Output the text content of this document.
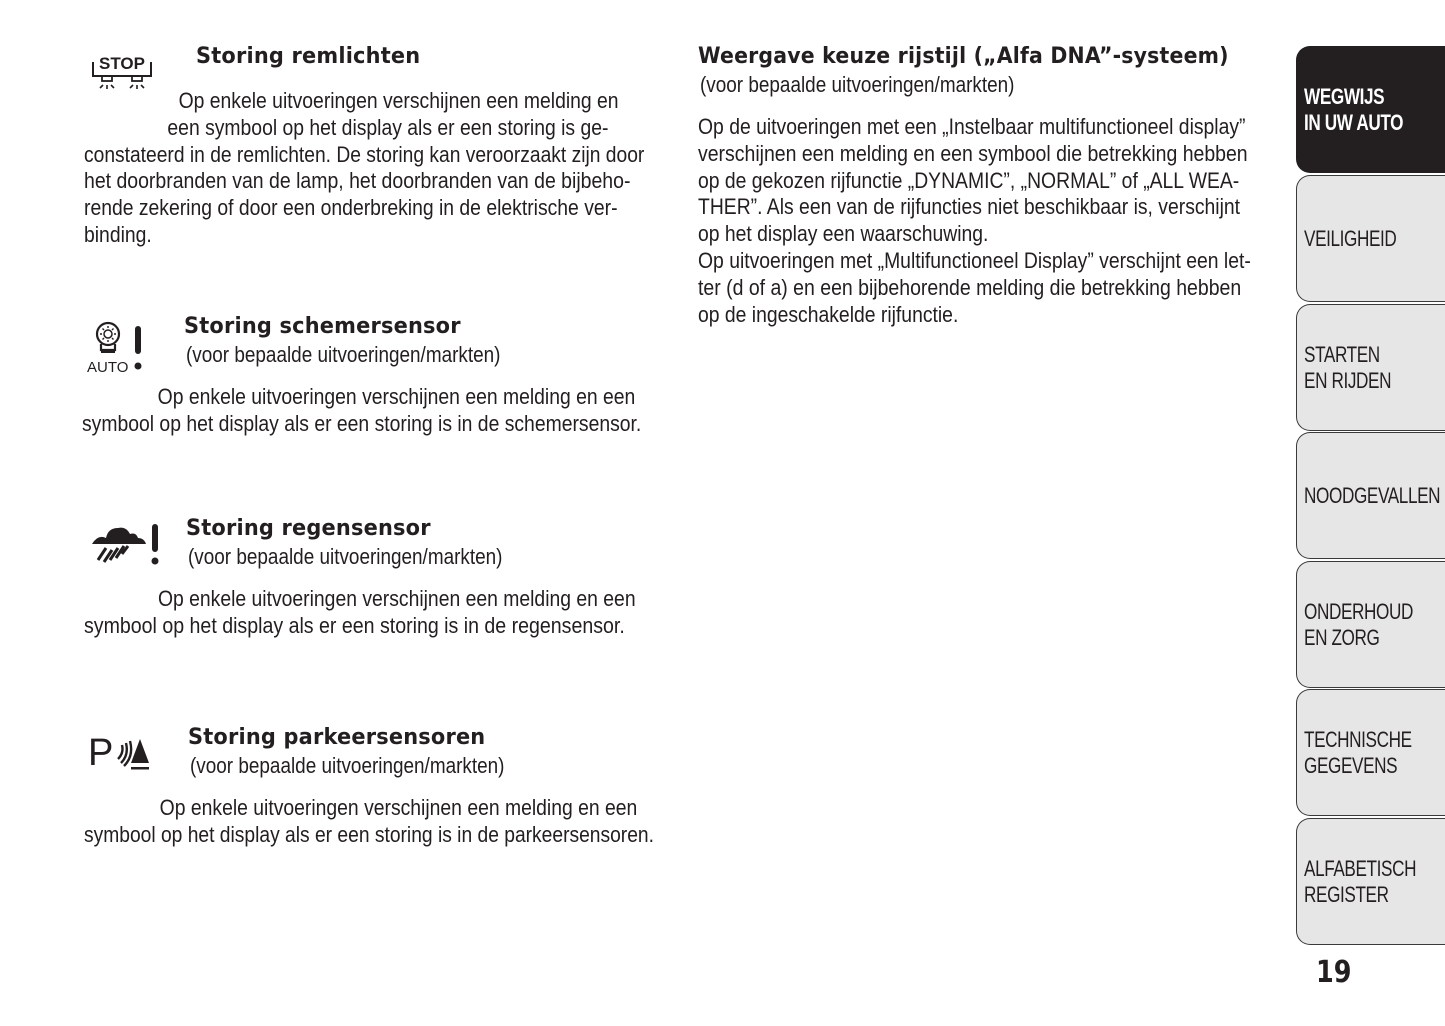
STOP Storing remlichten
Op enkele uitvoeringen verschijnen een melding en
een symbool op het display als er een storing is ge-
constateerd in de remlichten. De storing kan veroorzaakt zijn door
het doorbranden van de lamp, het doorbranden van de bijbeho-
rende zekering of door een onderbreking in de elektrische ver-
binding.
AUTO
Storing schemersensor
(voor bepaalde uitvoeringen/markten)
Op enkele uitvoeringen verschijnen een melding en een
symbool op het display als er een storing is in de schemersensor.
Storing regensensor
(voor bepaalde uitvoeringen/markten)
Op enkele uitvoeringen verschijnen een melding en een
symbool op het display als er een storing is in de regensensor.
P	Storing parkeersensoren
(voor bepaalde uitvoeringen/markten)
Op enkele uitvoeringen verschijnen een melding en een
symbool op het display als er een storing is in de parkeersensoren.
Weergave keuze rijstijl („Alfa DNA”-systeem)
(voor bepaalde uitvoeringen/markten)
Op de uitvoeringen met een „Instelbaar multifunctioneel display”
verschijnen een melding en een symbool die betrekking hebben
op de gekozen rijfunctie „DYNAMIC”, „NORMAL” of „ALL WEA-
THER”. Als een van de rijfuncties niet beschikbaar is, verschijnt
op het display een waarschuwing.
Op uitvoeringen met „Multifunctioneel Display” verschijnt een let-
ter (d of a) en een bijbehorende melding die betrekking hebben
op de ingeschakelde rijfunctie.
WEGWIJS
IN UW AUTO
VEILIGHEID
STARTEN
EN RIJDEN
NOODGEVALLEN
ONDERHOUD
EN ZORG
TECHNISCHE
GEGEVENS
ALFABETISCH
REGISTER
19
